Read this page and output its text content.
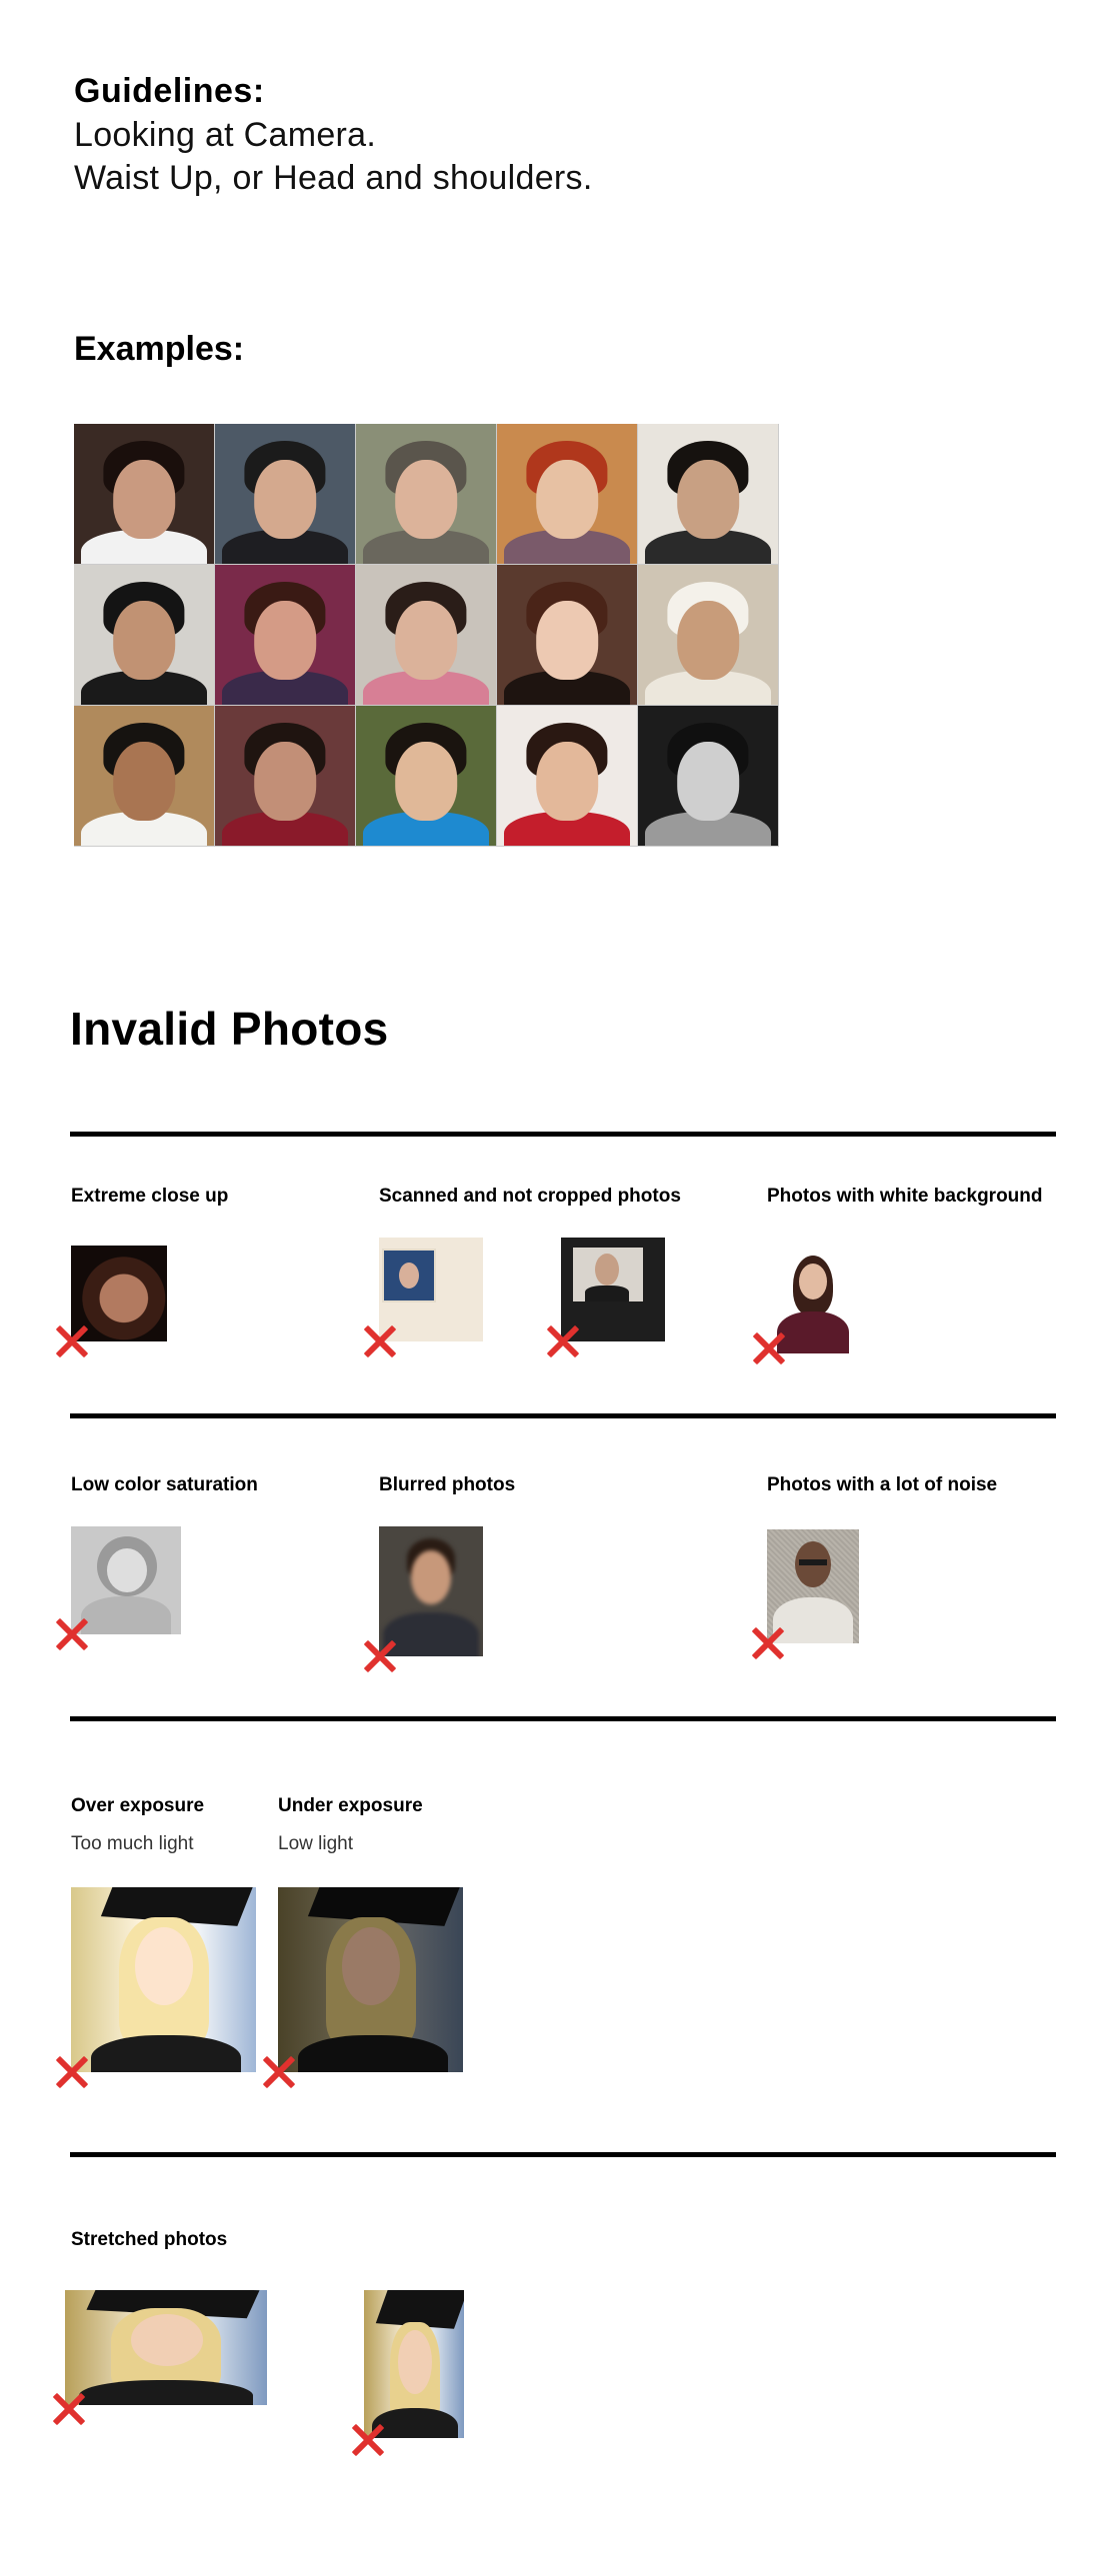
Guidelines:
Looking at Camera.
Waist Up, or Head and shoulders.
Examples:
Invalid Photos
Extreme close up	Scanned and not cropped photos	Photos with white background
Low color saturation	Blurred photos	Photos with a lot of noise
Over exposure
Too much light
Under exposure
Low light
Stretched photos
